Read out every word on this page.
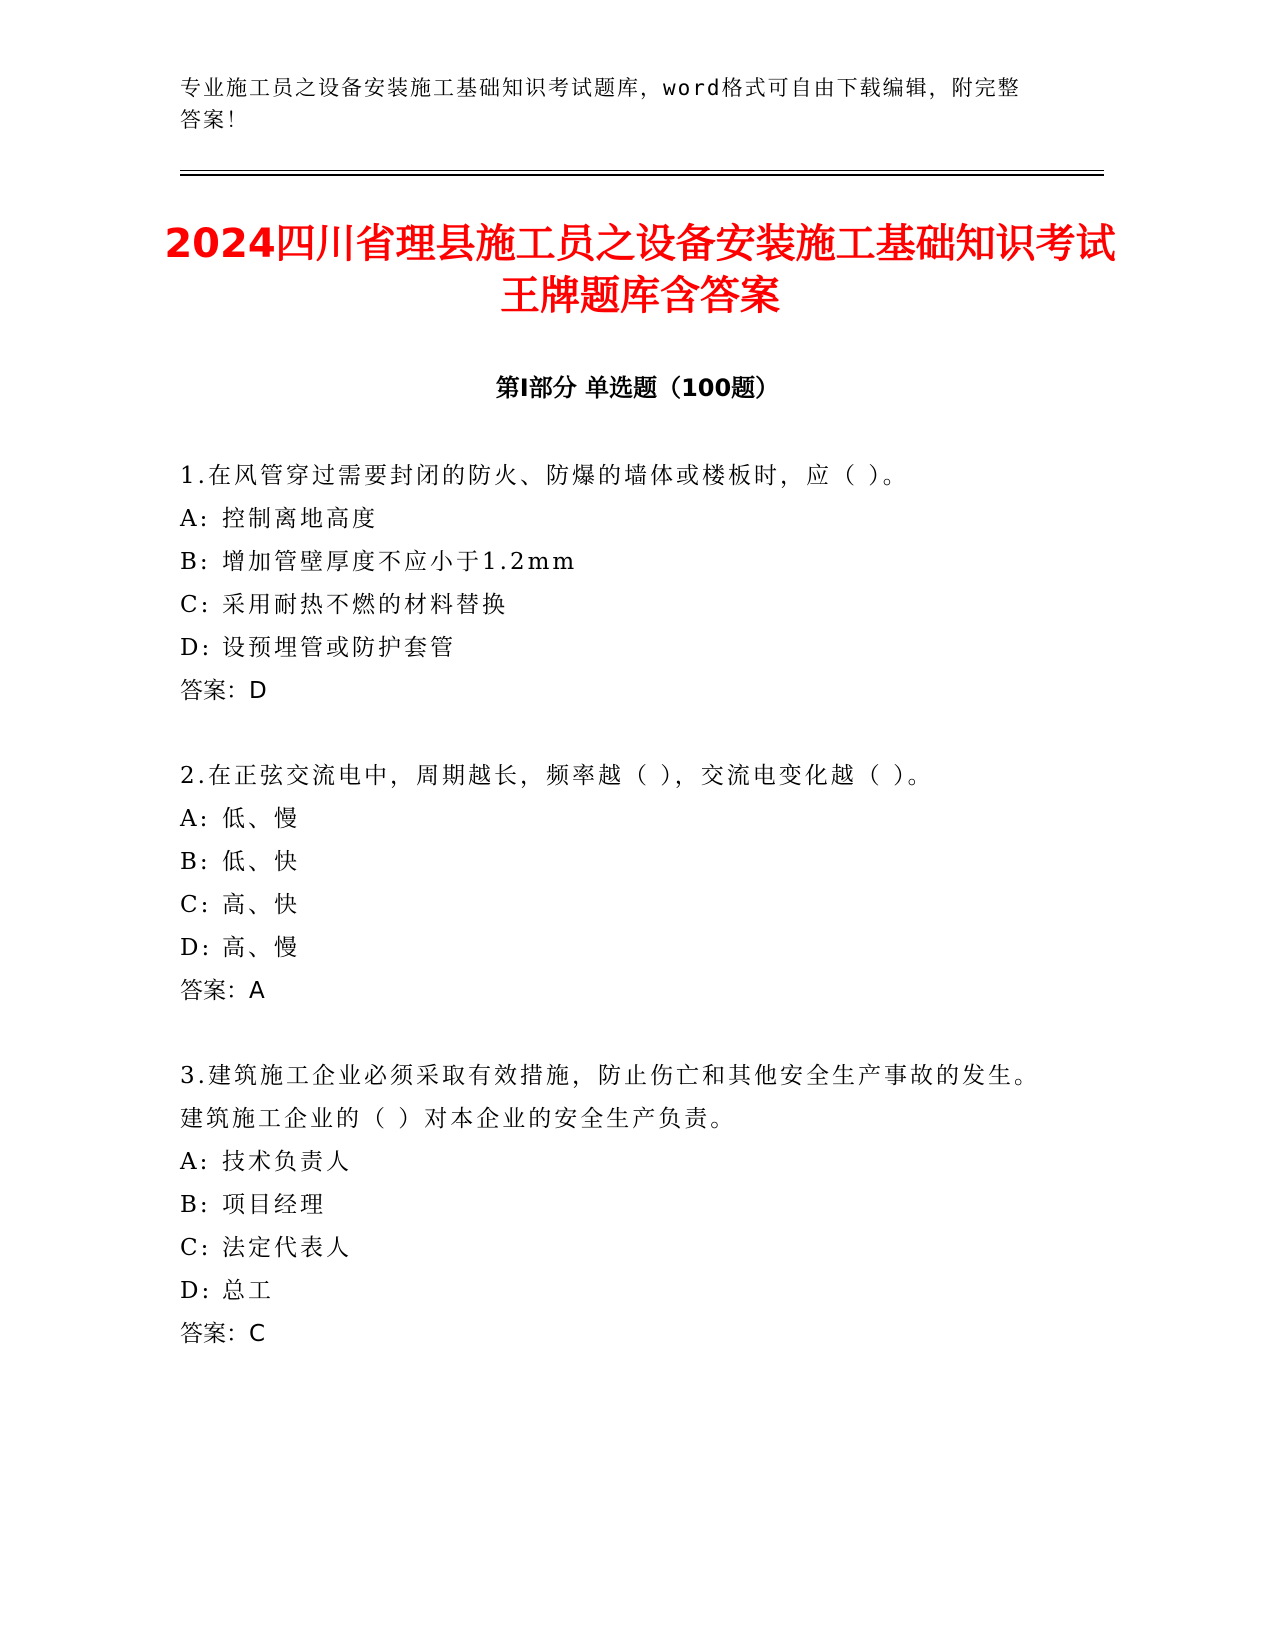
专业施工员之设备安装施工基础知识考试题库，word格式可自由下载编辑，附完整答案！

2024四川省理县施工员之设备安装施工基础知识考试王牌题库含答案
第Ⅰ部分 单选题（100题）

1.在风管穿过需要封闭的防火、防爆的墙体或楼板时，应（ ）。

A: 控制离地高度

B: 增加管壁厚度不应小于1.2mm

C: 采用耐热不燃的材料替换

D: 设预埋管或防护套管

答案：D

2.在正弦交流电中，周期越长，频率越（ ），交流电变化越（ ）。

A: 低、慢

B: 低、快

C: 高、快

D: 高、慢

答案：A

3.建筑施工企业必须采取有效措施，防止伤亡和其他安全生产事故的发生。建筑施工企业的（ ）对本企业的安全生产负责。

A: 技术负责人

B: 项目经理

C: 法定代表人

D: 总工

答案：C
